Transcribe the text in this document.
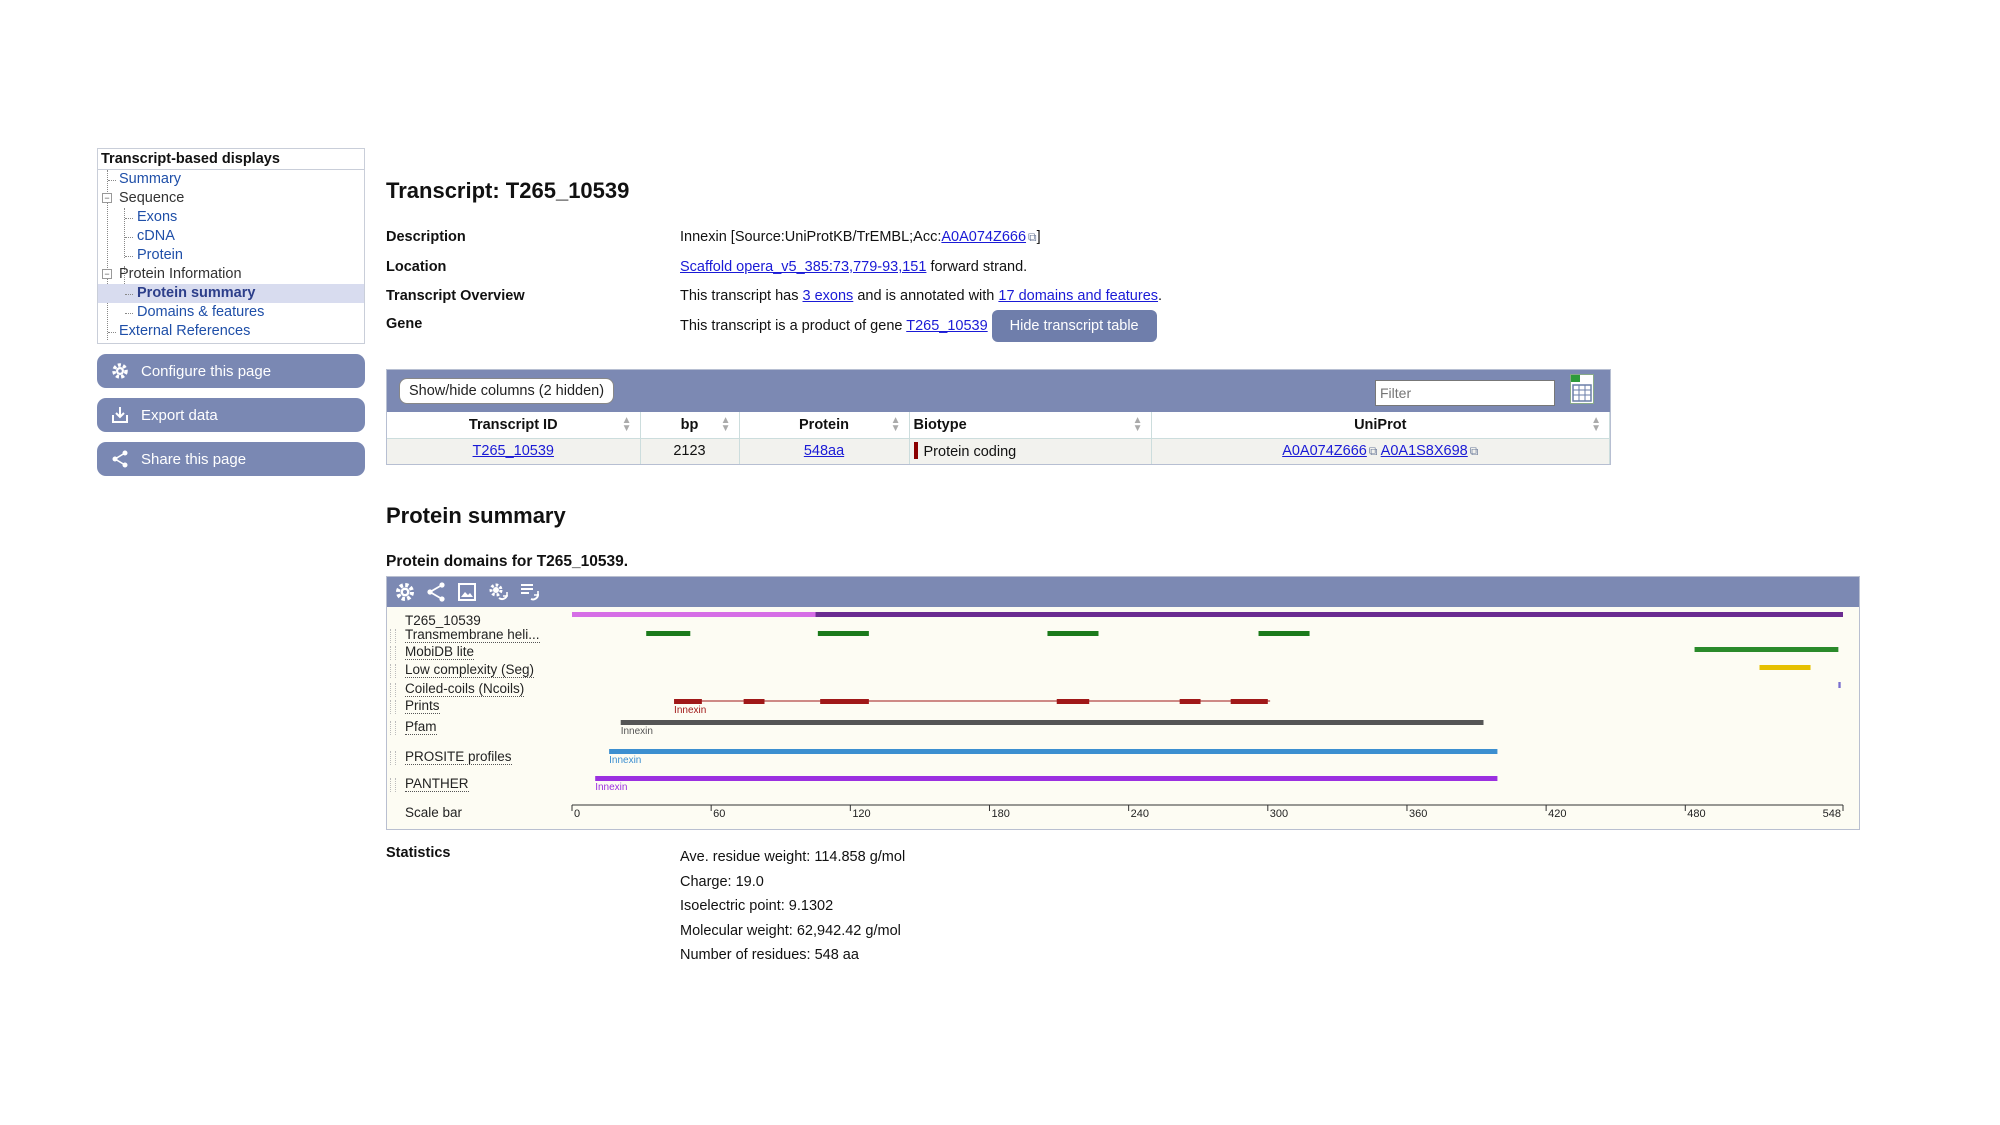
Transcript-based displays
Summary
− Sequence
Exons
cDNA
Protein
− Protein Information
Protein summary
Domains & features
External References
Configure this page
Export data
Share this page
Transcript: T265_10539
Description	Innexin [Source:UniProtKB/TrEMBL;Acc:A0A074Z666 ⧉]
Location	Scaffold opera_v5_385:73,779-93,151 forward strand.
Transcript Overview	This transcript has 3 exons and is annotated with 17 domains and features.
Gene	This transcript is a product of gene T265_10539 Hide transcript table
Show/hide columns (2 hidden)
Filter
Transcript ID ▲
▼	bp ▲
▼	Protein ▲
▼	Biotype ▲
▼	UniProt ▲
▼

T265_10539	2123	548aa	Protein coding	A0A074Z666 ⧉ A0A1S8X698 ⧉
Protein summary
Protein domains for T265_10539.
Innexin
Innexin
Innexin
Innexin
0	60	120	180	240	300	360	420	480	548
T265_10539
Transmembrane heli...
MobiDB lite
Low complexity (Seg)
Coiled-coils (Ncoils)
Prints
Pfam
PROSITE profiles
PANTHER
Scale bar
Statistics	Ave. residue weight: 114.858 g/mol
Charge: 19.0
Isoelectric point: 9.1302
Molecular weight: 62,942.42 g/mol
Number of residues: 548 aa
